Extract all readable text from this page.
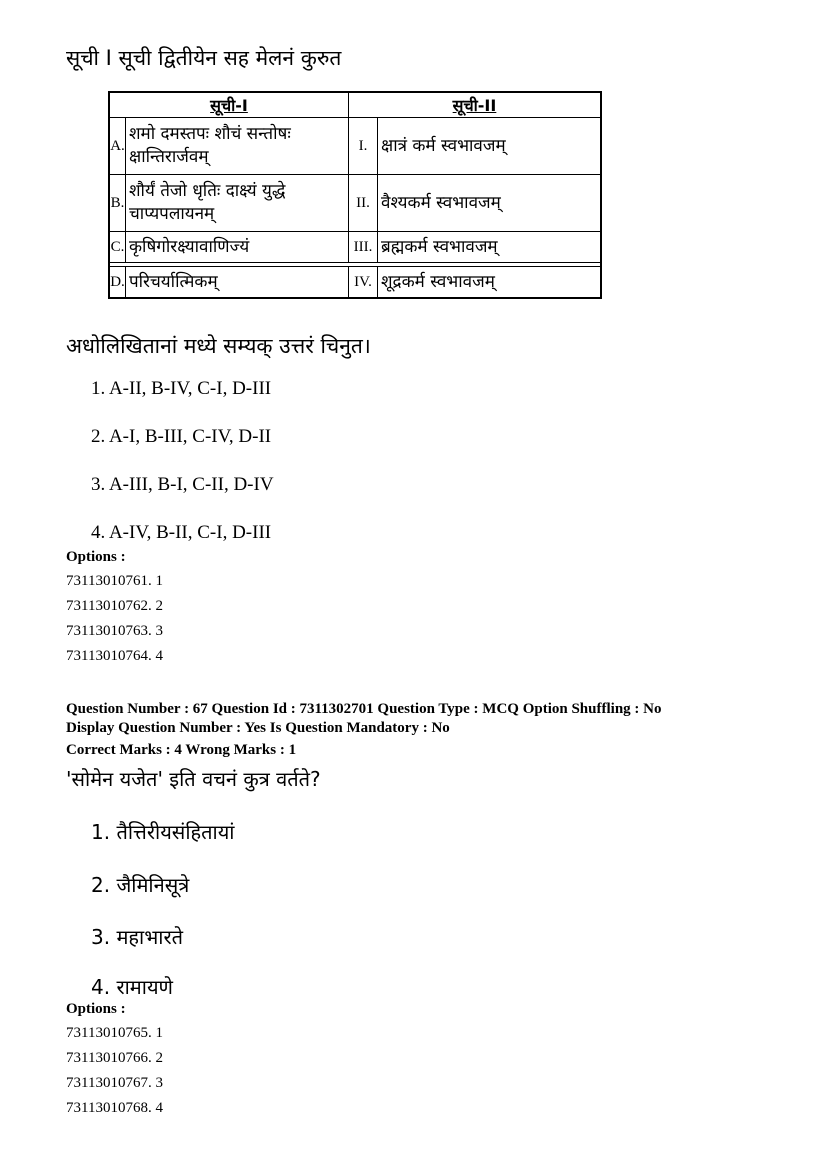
सूची I सूची द्वितीयेन सह मेलनं कुरुत
सूची-I		सूची-II	
A.	शमो दमस्तपः शौचं सन्तोषः क्षान्तिरार्जवम्	I.	क्षात्रं कर्म स्वभावजम्
B.	शौर्यं तेजो धृतिः दाक्ष्यं युद्धे चाप्यपलायनम्	II.	वैश्यकर्म स्वभावजम्
C.	कृषिगोरक्ष्यावाणिज्यं	III.	ब्रह्मकर्म स्वभावजम्

D.	परिचर्यात्मिकम्	IV.	शूद्रकर्म स्वभावजम्
अधोलिखितानां मध्ये सम्यक् उत्तरं चिनुत।
1. A-II, B-IV, C-I, D-III
2. A-I, B-III, C-IV, D-II
3. A-III, B-I, C-II, D-IV
4. A-IV, B-II, C-I, D-III
Options :
73113010761. 1
73113010762. 2
73113010763. 3
73113010764. 4
Question Number : 67 Question Id : 7311302701 Question Type : MCQ Option Shuffling : No
Display Question Number : Yes Is Question Mandatory : No
Correct Marks : 4 Wrong Marks : 1
'सोमेन यजेत' इति वचनं कुत्र वर्तते?
1. तैत्तिरीयसंहितायां
2. जैमिनिसूत्रे
3. महाभारते
4. रामायणे
Options :
73113010765. 1
73113010766. 2
73113010767. 3
73113010768. 4
